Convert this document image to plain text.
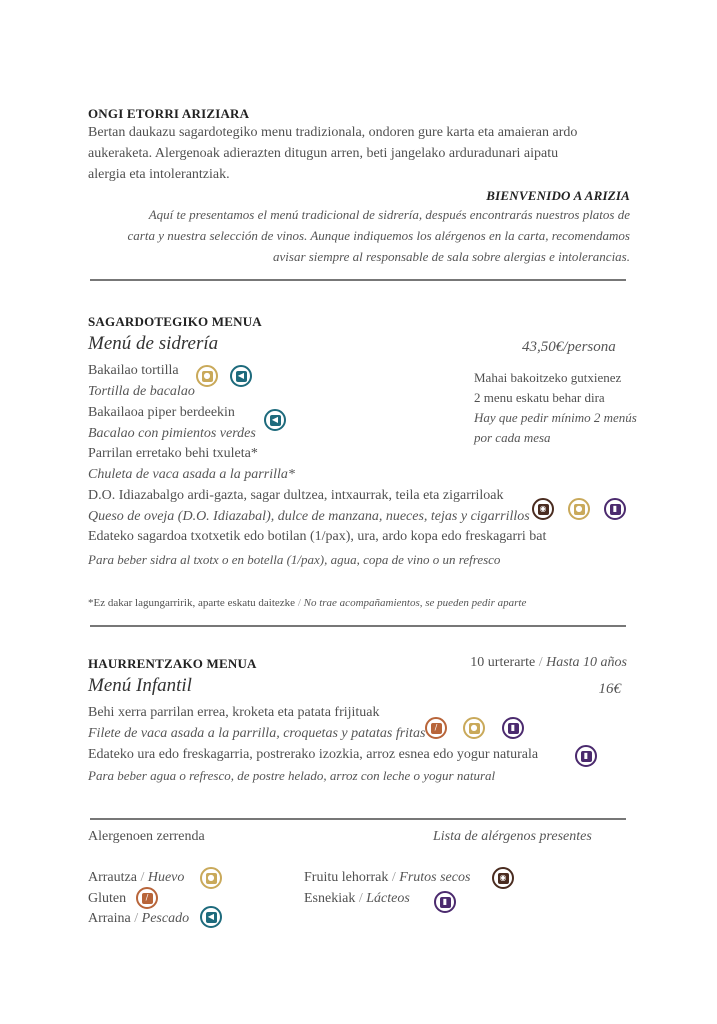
ONGI ETORRI ARIZIARA
Bertan daukazu sagardotegiko menu tradizionala, ondoren gure karta eta amaieran ardo
aukeraketa. Alergenoak adierazten ditugun arren, beti jangelako arduradunari aipatu
alergia eta intolerantziak.
BIENVENIDO A ARIZIA
Aquí te presentamos el menú tradicional de sidrería, después encontrarás nuestros platos de
carta y nuestra selección de vinos. Aunque indiquemos los alérgenos en la carta, recomendamos
avisar siempre al responsable de sala sobre alergias e intolerancias.
SAGARDOTEGIKO MENUA
Menú de sidrería	43,50€/persona
Mahai bakoitzeko gutxienez
2 menu eskatu behar dira
Hay que pedir mínimo 2 menús
por cada mesa
Bakailao tortilla
Tortilla de bacalao
●	◀
Bakailaoa piper berdeekin
Bacalao con pimientos verdes
◀
Parrilan erretako behi txuleta*
Chuleta de vaca asada a la parrilla*
D.O. Idiazabalgo ardi-gazta, sagar dultzea, intxaurrak, teila eta zigarriloak
Queso de oveja (D.O. Idiazabal), dulce de manzana, nueces, tejas y cigarrillos
◉	●	▮
Edateko sagardoa txotxetik edo botilan (1/pax), ura, ardo kopa edo freskagarri bat
Para beber sidra al txotx o en botella (1/pax), agua, copa de vino o un refresco
*Ez dakar lagungarririk, aparte eskatu daitezke / No trae acompañamientos, se pueden pedir aparte
HAURRENTZAKO MENUA	10 urterarte / Hasta 10 años
Menú Infantil	16€
Behi xerra parrilan errea, kroketa eta patata frijituak
Filete de vaca asada a la parrilla, croquetas y patatas fritas	/	●	▮
Edateko ura edo freskagarria, postrerako izozkia, arroz esnea edo yogur naturala
Para beber agua o refresco, de postre helado, arroz con leche o yogur natural
▮
Alergenoen zerrenda	Lista de alérgenos presentes
Arrautza / Huevo	●
Gluten	/
Arraina / Pescado	◀
Fruitu lehorrak / Frutos secos	◉
Esnekiak / Lácteos	▮
